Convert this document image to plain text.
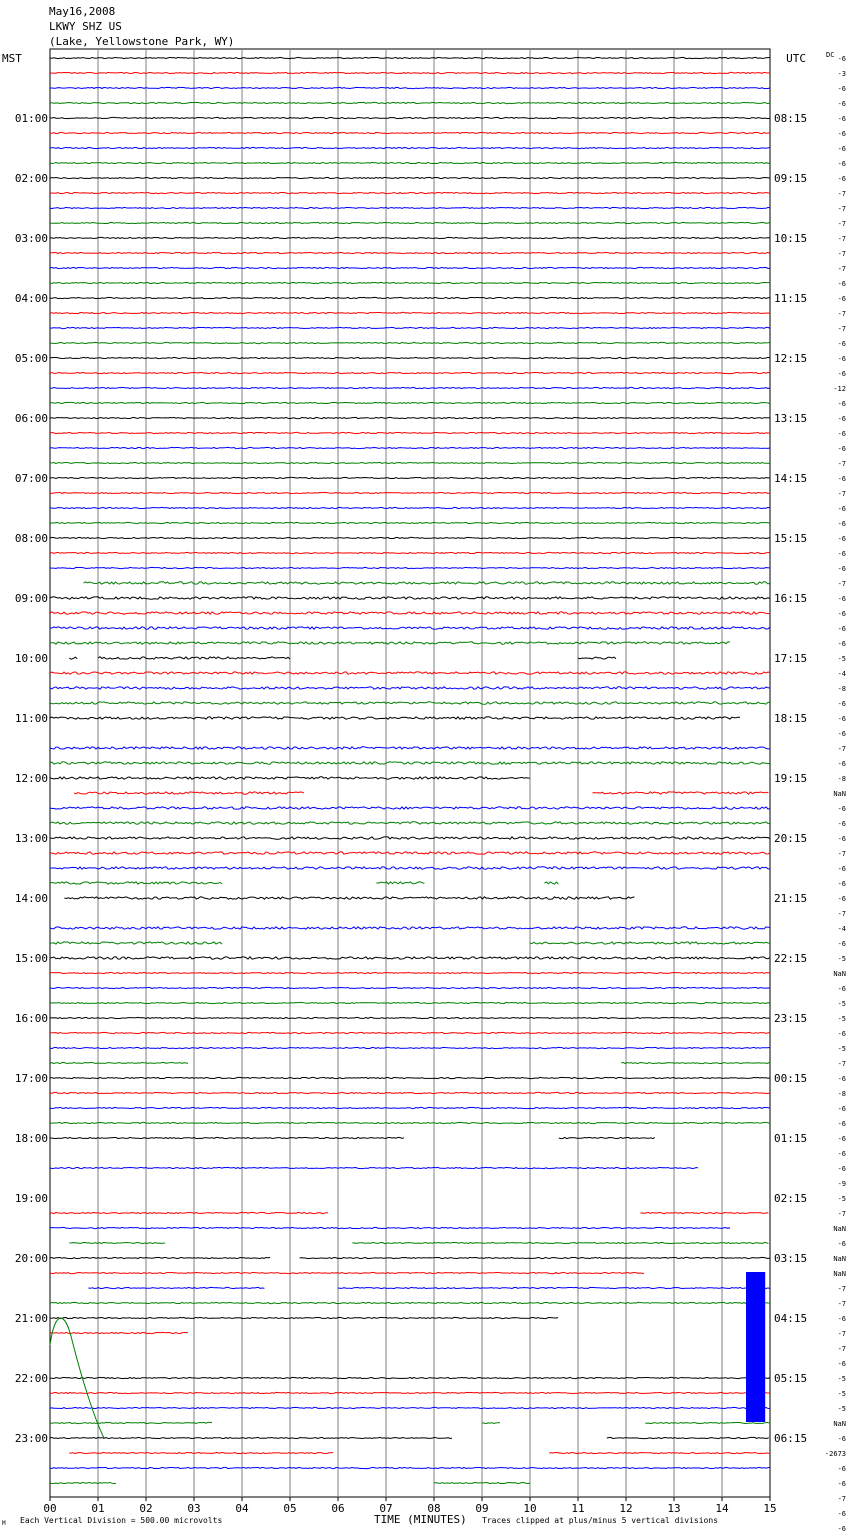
May16,2008
LKWY SHZ US
(Lake, Yellowstone Park, WY)
MST	UTC
01:00
02:00
03:00
04:00
05:00
06:00
07:00
08:00
09:00
10:00
11:00
12:00
13:00
14:00
15:00
16:00
17:00
18:00
19:00
20:00
21:00
22:00
23:00
08:15
09:15
10:15
11:15
12:15
13:15
14:15
15:15
16:15
17:15
18:15
19:15
20:15
21:15
22:15
23:15
00:15
01:15
02:15
03:15
04:15
05:15
06:15
DC -6
-3
-6
-6
-6
-6
-6
-6
-6
-7
-7
-7
-7
-7
-7
-6
-6
-7
-7
-6
-6
-6
-12
-6
-6
-6
-6
-7
-6
-7
-6
-6
-6
-6
-6
-7
-6
-6
-6
-6
-5
-4
-8
-6
-6
-6
-7
-6
-8
NaN
-6
-6
-6
-7
-6
-6
-6
-7
-4
-6
-5
NaN
-6
-5
-5
-6
-5
-7
-6
-8
-6
-6
-6
-6
-6
-9
-5
-7
NaN
-6
NaN
NaN
-7
-7
-6
-7
-7
-6
-5
-5
-5
NaN
-6
-2673
-6
-6
-7
-6
-6
00	01	02	03	04	05	06	07	08	09	10	11	12	13	14	15
M Each Vertical Division = 500.00 microvolts	TIME (MINUTES) Traces clipped at plus/minus 5 vertical divisions
